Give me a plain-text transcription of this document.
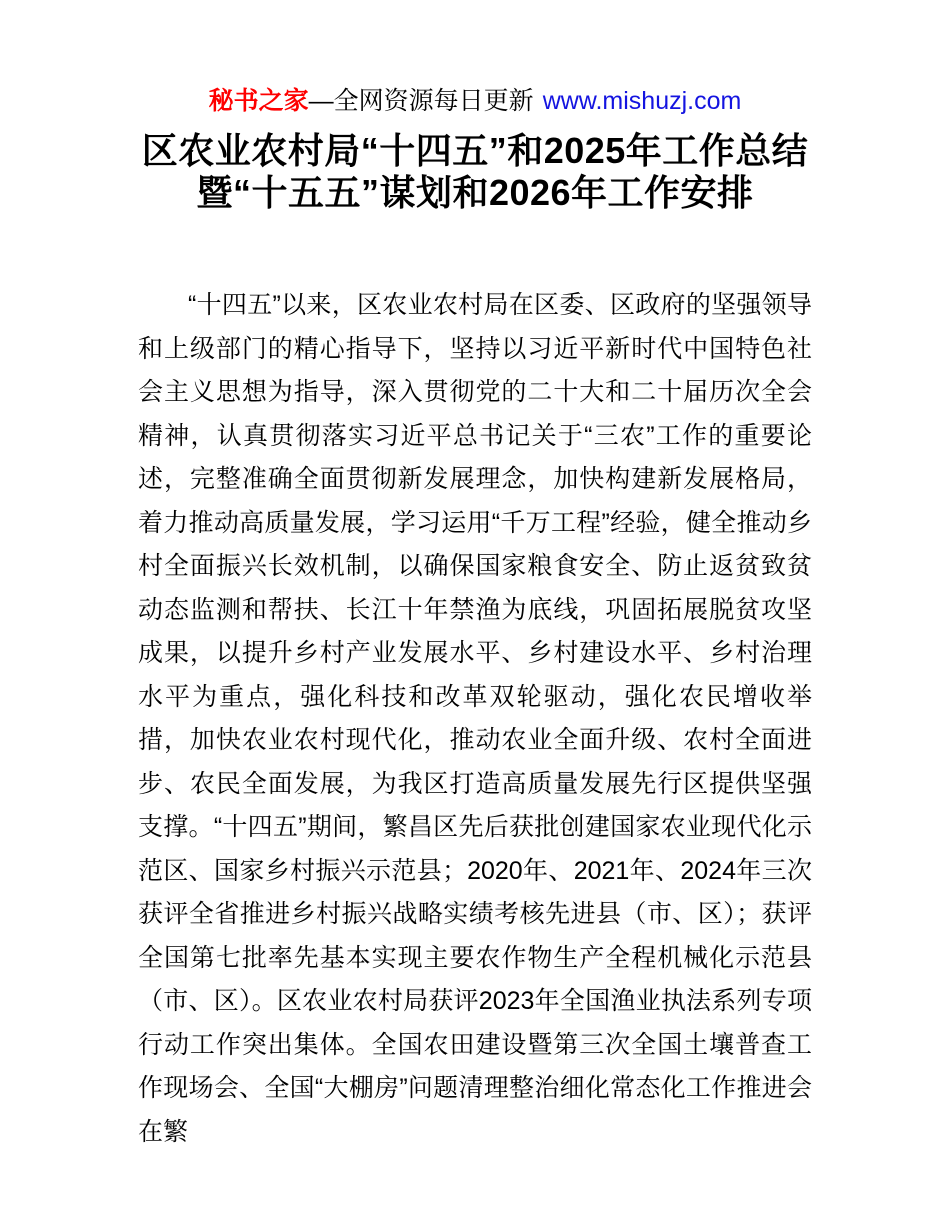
秘书之家—全网资源每日更新 www.mishuzj.com
区农业农村局“十四五”和2025年工作总结
暨“十五五”谋划和2026年工作安排

“十四五”以来，区农业农村局在区委、区政府的坚强领导和上级部门的精心指导下，坚持以习近平新时代中国特色社会主义思想为指导，深入贯彻党的二十大和二十届历次全会精神，认真贯彻落实习近平总书记关于“三农”工作的重要论述，完整准确全面贯彻新发展理念，加快构建新发展格局，着力推动高质量发展，学习运用“千万工程”经验，健全推动乡村全面振兴长效机制，以确保国家粮食安全、防止返贫致贫动态监测和帮扶、长江十年禁渔为底线，巩固拓展脱贫攻坚成果，以提升乡村产业发展水平、乡村建设水平、乡村治理水平为重点，强化科技和改革双轮驱动，强化农民增收举措，加快农业农村现代化，推动农业全面升级、农村全面进步、农民全面发展，为我区打造高质量发展先行区提供坚强支撑。“十四五”期间，繁昌区先后获批创建国家农业现代化示范区、国家乡村振兴示范县；2020年、2021年、2024年三次获评全省推进乡村振兴战略实绩考核先进县（市、区）；获评全国第七批率先基本实现主要农作物生产全程机械化示范县（市、区）。区农业农村局获评2023年全国渔业执法系列专项行动工作突出集体。全国农田建设暨第三次全国土壤普查工作现场会、全国“大棚房”问题清理整治细化常态化工作推进会在繁
